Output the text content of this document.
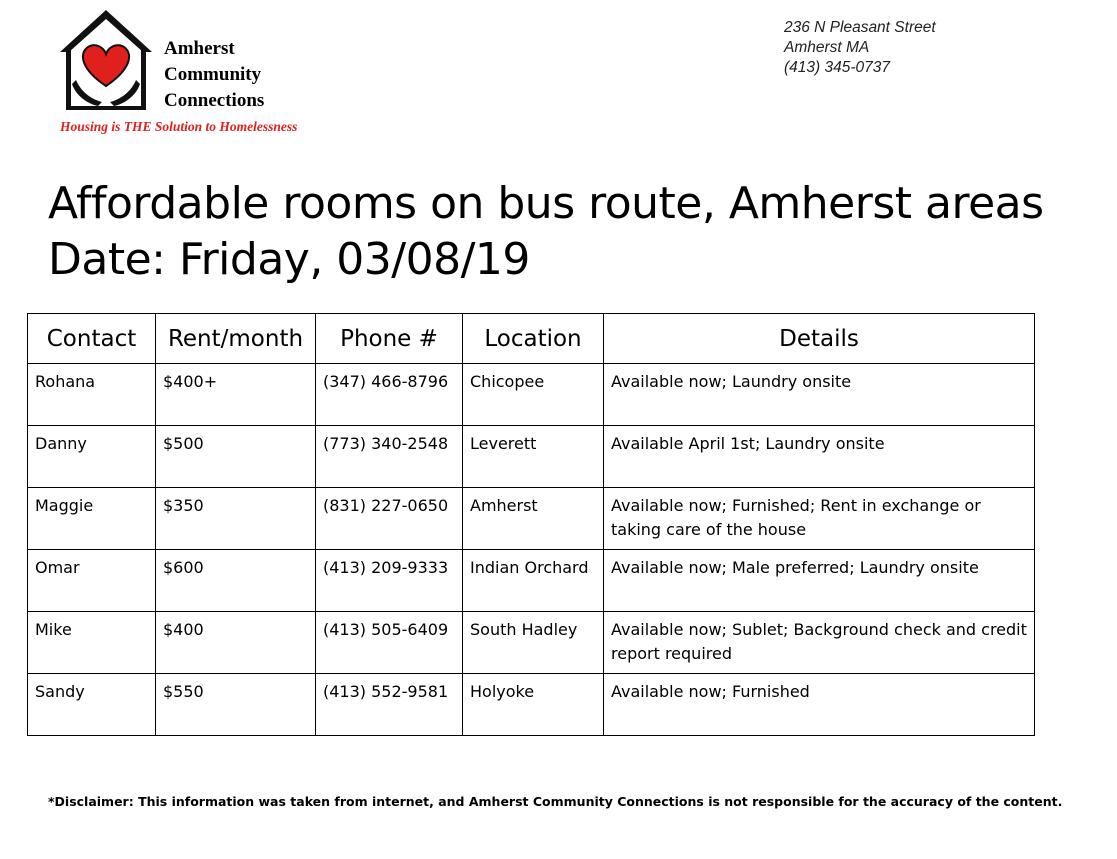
Amherst
Community
Connections
Housing is THE Solution to Homelessness
236 N Pleasant Street
Amherst MA
(413) 345-0737
Affordable rooms on bus route, Amherst areas
Date: Friday, 03/08/19
Contact	Rent/month	Phone #	Location	Details
Rohana	$400+	(347) 466-8796	Chicopee	Available now; Laundry onsite
Danny	$500	(773) 340-2548	Leverett	Available April 1st; Laundry onsite
Maggie	$350	(831) 227-0650	Amherst	Available now; Furnished; Rent in exchange or taking care of the house
Omar	$600	(413) 209-9333	Indian Orchard	Available now; Male preferred; Laundry onsite
Mike	$400	(413) 505-6409	South Hadley	Available now; Sublet; Background check and credit report required
Sandy	$550	(413) 552-9581	Holyoke	Available now; Furnished
*Disclaimer: This information was taken from internet, and Amherst Community Connections is not responsible for the accuracy of the content.
